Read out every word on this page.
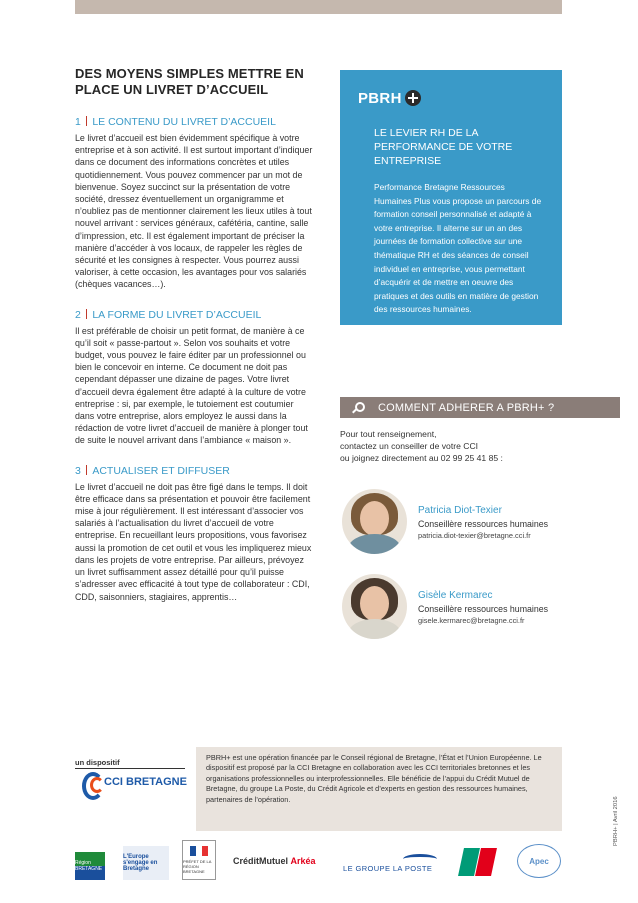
DES MOYENS SIMPLES METTRE EN PLACE UN LIVRET D’ACCUEIL
1 LE CONTENU DU LIVRET D’ACCUEIL

Le livret d’accueil est bien évidemment spécifique à votre entreprise et à son activité. Il est surtout important d’indiquer dans ce document des informations concrètes et utiles quotidiennement. Vous pouvez commencer par un mot de bienvenue. Soyez succinct sur la présentation de votre société, dressez éventuellement un organigramme et n’oubliez pas de mentionner clairement les lieux utiles à tout nouvel arrivant : services généraux, cafétéria, cantine, salle d’impression, etc. Il est également important de préciser la manière d’accéder à vos locaux, de rappeler les règles de sécurité et les consignes à respecter. Vous pourrez aussi valoriser, à cette occasion, les avantages pour vos salariés (chèques vacances…).

2 LA FORME DU LIVRET D’ACCUEIL

Il est préférable de choisir un petit format, de manière à ce qu’il soit « passe-partout ». Selon vos souhaits et votre budget, vous pouvez le faire éditer par un professionnel ou bien le concevoir en interne. Ce document ne doit pas cependant dépasser une dizaine de pages. Votre livret d’accueil devra également être adapté à la culture de votre entreprise : si, par exemple, le tutoiement est coutumier dans votre entreprise, alors employez le aussi dans la rédaction de votre livret d’accueil de manière à plonger tout de suite le nouvel arrivant dans l’ambiance « maison ».

3 ACTUALISER ET DIFFUSER

Le livret d’accueil ne doit pas être figé dans le temps. Il doit être efficace dans sa présentation et pouvoir être facilement mise à jour régulièrement. Il est intéressant d’associer vos salariés à l’actualisation du livret d’accueil de votre entreprise. En recueillant leurs propositions, vous favorisez aussi la promotion de cet outil et vous les impliquerez mieux dans les projets de votre entreprise. Par ailleurs, prévoyez un livret suffisamment assez détaillé pour qu’il puisse s’adresser avec efficacité à tout type de collaborateur : CDI, CDD, saisonniers, stagiaires, apprentis…

PBRH

LE LEVIER RH DE LA PERFORMANCE DE VOTRE ENTREPRISE

Performance Bretagne Ressources Humaines Plus vous propose un parcours de formation conseil personnalisé et adapté à votre entreprise. Il alterne sur un an des journées de formation collective sur une thématique RH et des séances de conseil individuel en entreprise, vous permettant d’acquérir et de mettre en oeuvre des pratiques et des outils en matière de gestion des ressources humaines.

COMMENT ADHERER A PBRH+ ?
Pour tout renseignement,
contactez un conseiller de votre CCI
ou joignez directement au 02 99 25 41 85 :
Patricia Diot-Texier
Conseillère ressources humaines
patricia.diot-texier@bretagne.cci.fr
Gisèle Kermarec
Conseillère ressources humaines
gisele.kermarec@bretagne.cci.fr
un dispositif
CCI BRETAGNE
PBRH+ est une opération financée par le Conseil régional de Bretagne, l’État et l’Union Européenne. Le dispositif est proposé par la CCI Bretagne en collaboration avec les CCI territoriales bretonnes et les organisations professionnelles ou interprofessionnelles. Elle bénéficie de l’appui du Crédit Mutuel de Bretagne, du groupe La Poste, du Crédit Agricole et d’experts en gestion des ressources humaines, partenaires de l’opération.	PBRH+ | Avril 2016
Région BRETAGNE
L'Europe s'engage en Bretagne
PRÉFET DE LA RÉGION BRETAGNE
CréditMutuel
Arkéa
LE GROUPE LA POSTE
Apec
